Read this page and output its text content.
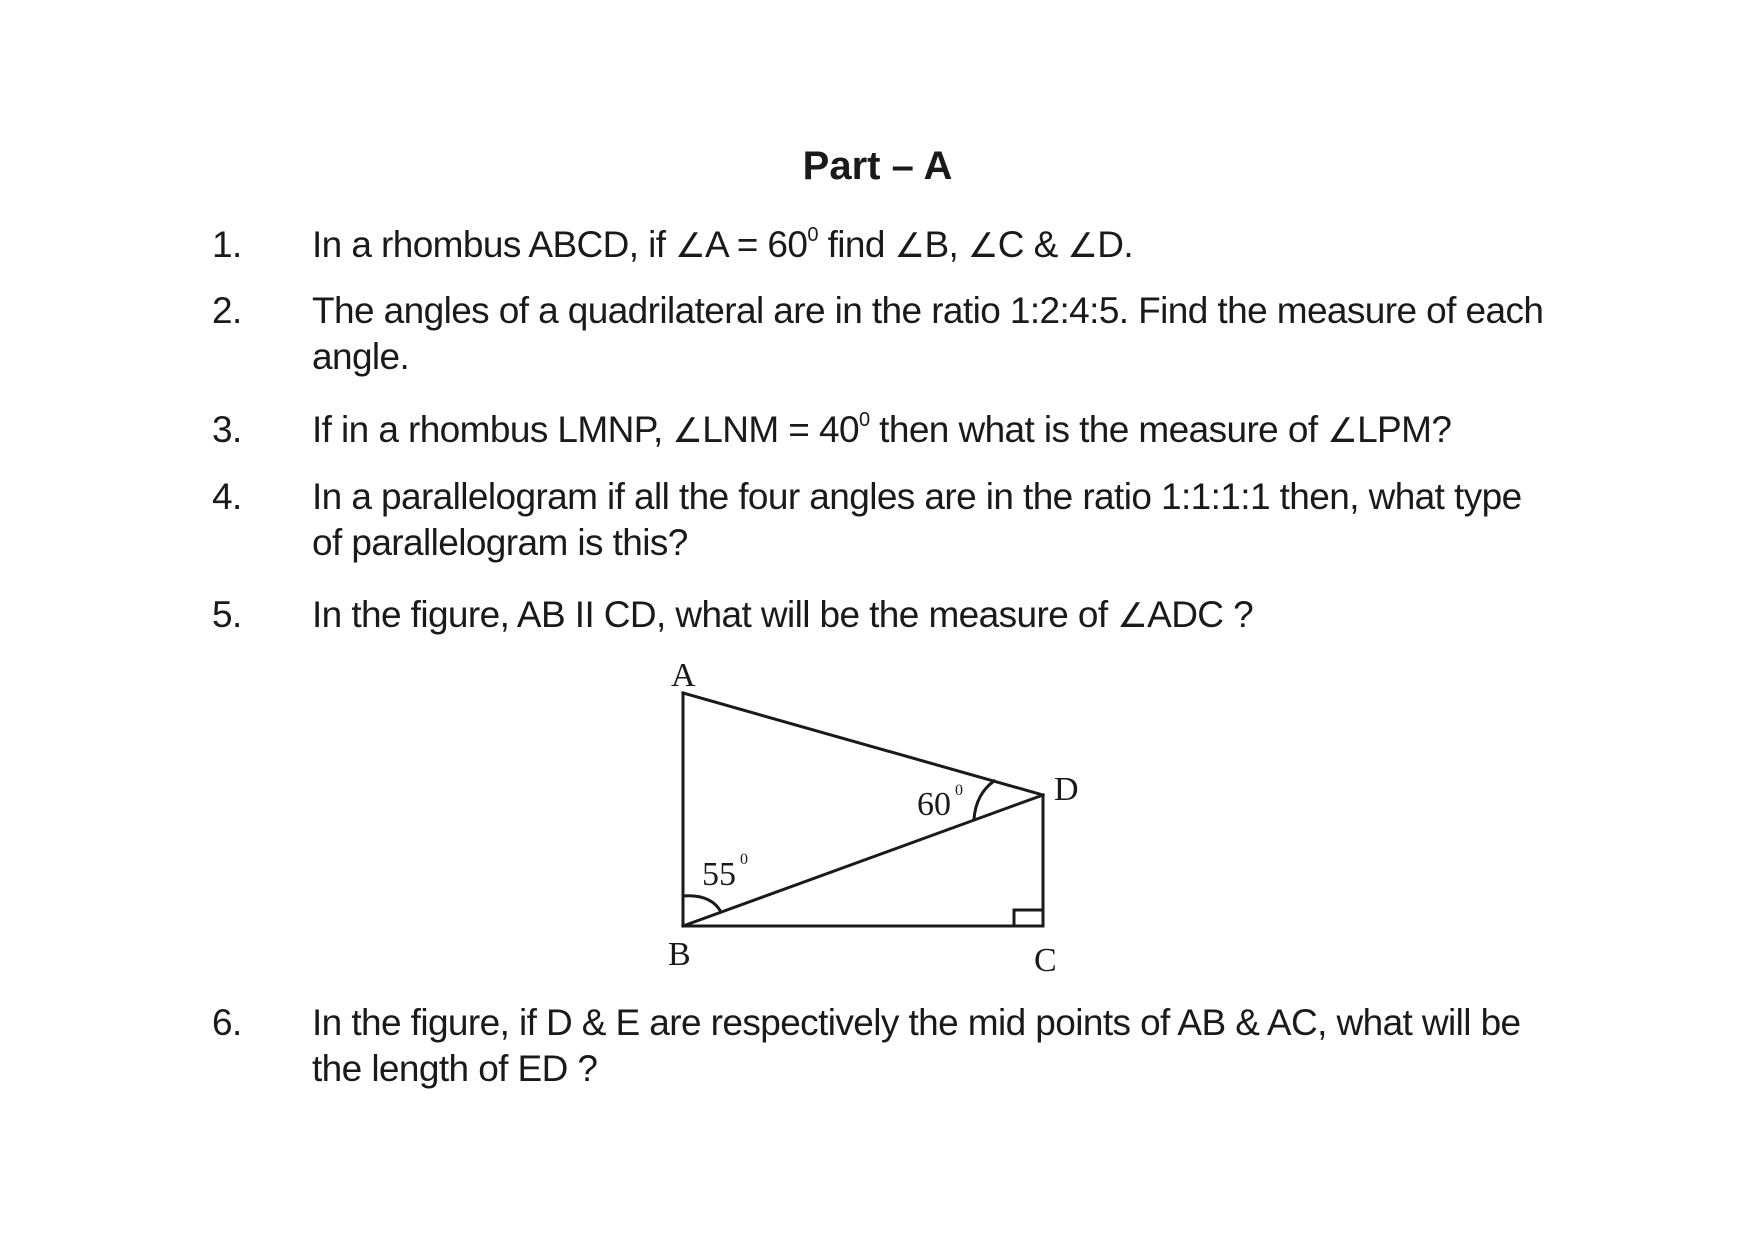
Part – A
1.	In a rhombus ABCD, if ∠A = $60^0$ find ∠B, ∠C & ∠D.
2.	The angles of a quadrilateral are in the ratio 1:2:4:5. Find the measure of each angle.
3.	If in a rhombus LMNP, ∠LNM = $40^0$ then what is the measure of ∠LPM?
4.	In a parallelogram if all the four angles are in the ratio 1:1:1:1 then, what type of parallelogram is this?
5.	In the figure, AB II CD, what will be the measure of ∠ADC ?
A
B	C
D
60 0
55 0
6.	In the figure, if D & E are respectively the mid points of AB & AC, what will be the length of ED ?
